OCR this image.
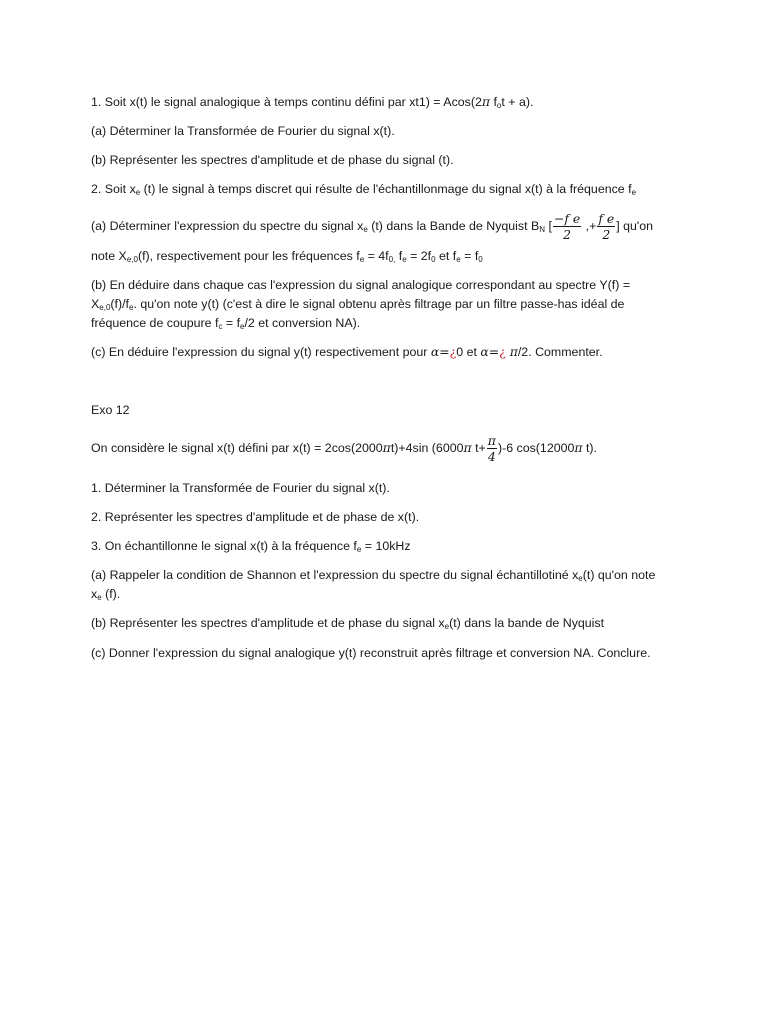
1. Soit x(t) le signal analogique à temps continu défini par xt1) = Acos(2π $f_ot + a$).
(a) Déterminer la Transformée de Fourier du signal x(t).
(b) Représenter les spectres d'amplitude et de phase du signal (t).
2. Soit $x_e$ (t) le signal à temps discret qui résulte de l'échantillonmage du signal x(t) à la fréquence $f_e$
(a) Déterminer l'expression du spectre du signal $x_e$ (t) dans la Bande de Nyquist $B_N$ [ $\frac{\text{−f e}}{2}$ ,+ $\frac{\text{f e}}{2}$ ] qu'on
note $X_{e,0}(f)$, respectivement pour les fréquences $f_e = 4f_{0,}$ $f_e = 2f_0$ et $f_e = f_0$
(b) En déduire dans chaque cas l'expression du signal analogique correspondant au spectre Y(f) =
$X_{e,0}(f)/f_e$. qu'on note y(t) (c'est à dire le signal obtenu après filtrage par un filtre passe-has idéal de
fréquence de coupure $f_c = f_e/2$ et conversion NA).
(c) En déduire l'expression du signal y(t) respectivement pour α=¿0 et α=¿ π/2. Commenter.
Exo 12
On considère le signal x(t) défini par x(t) = 2cos(2000πt)+4sin (6000π $t+ \frac{\pi}{4} )-6$ cos(12000π t).
1. Déterminer la Transformée de Fourier du signal x(t).
2. Représenter les spectres d'amplitude et de phase de x(t).
3. On échantillonne le signal x(t) à la fréquence $f_e = 10kHz$
(a) Rappeler la condition de Shannon et l'expression du spectre du signal échantillotiné $x_e(t)$ qu'on note
$x_e$ (f).
(b) Représenter les spectres d'amplitude et de phase du signal $x_e(t)$ dans la bande de Nyquist
(c) Donner l'expression du signal analogique y(t) reconstruit après filtrage et conversion NA. Conclure.
